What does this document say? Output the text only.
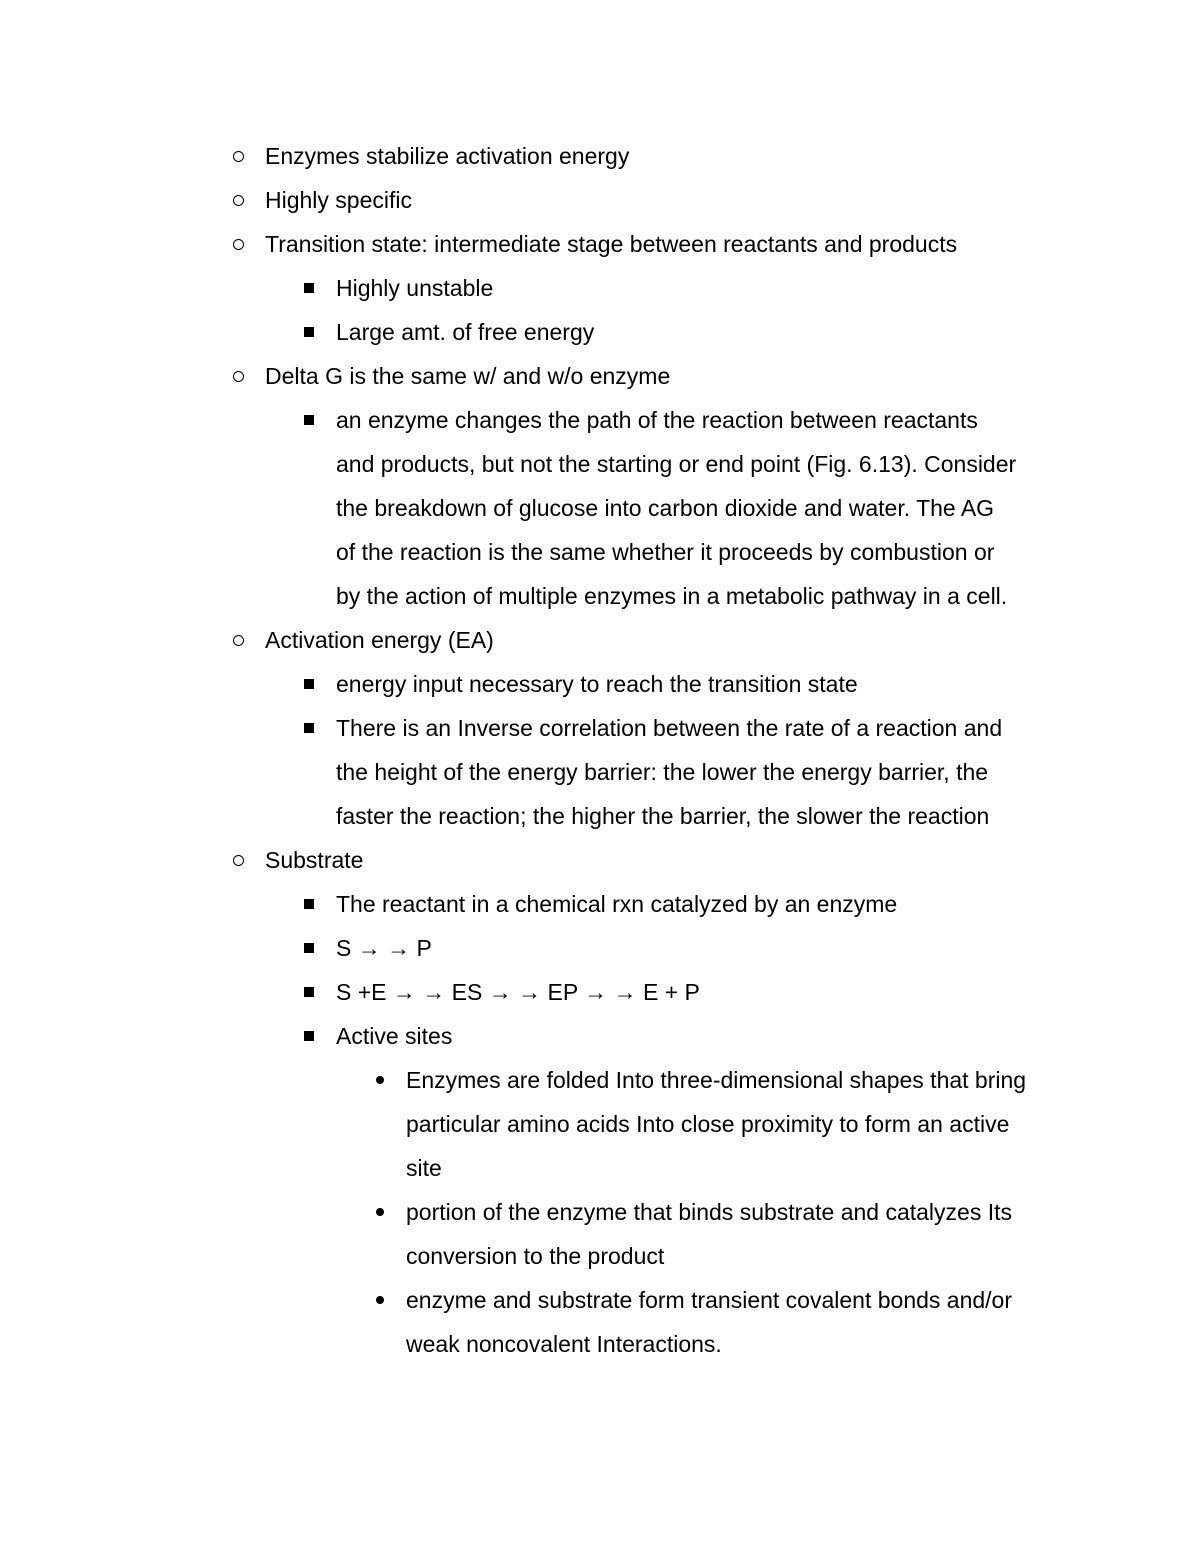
Enzymes stabilize activation energy
Highly specific
Transition state: intermediate stage between reactants and products
Highly unstable
Large amt. of free energy
Delta G is the same w/ and w/o enzyme
an enzyme changes the path of the reaction between reactants
and products, but not the starting or end point (Fig. 6.13). Consider
the breakdown of glucose into carbon dioxide and water. The AG
of the reaction is the same whether it proceeds by combustion or
by the action of multiple enzymes in a metabolic pathway in a cell.
Activation energy (EA)
energy input necessary to reach the transition state
There is an Inverse correlation between the rate of a reaction and
the height of the energy barrier: the lower the energy barrier, the
faster the reaction; the higher the barrier, the slower the reaction
Substrate
The reactant in a chemical rxn catalyzed by an enzyme
S → → P
S +E → → ES → → EP → → E + P
Active sites
Enzymes are folded Into three-dimensional shapes that bring
particular amino acids Into close proximity to form an active
site
portion of the enzyme that binds substrate and catalyzes Its
conversion to the product
enzyme and substrate form transient covalent bonds and/or
weak noncovalent Interactions.
